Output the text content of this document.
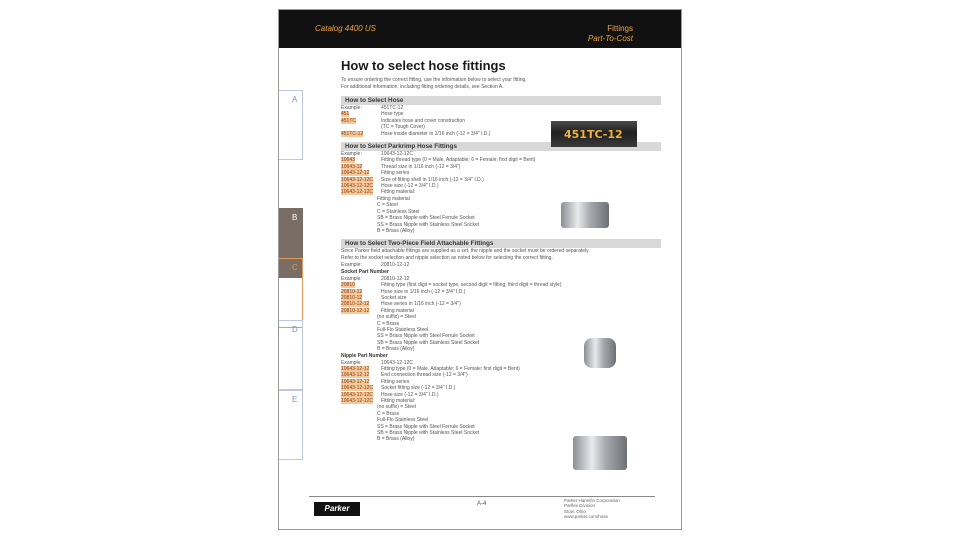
Catalog 4400 US	Fittings
Part-To-Cost
A
B
C
D
E
How to select hose fittings
To ensure ordering the correct fitting, use the information below to select your fitting.
For additional information, including fitting ordering details, see Section A.
How to Select Hose
Example:	451TC-12
451	Hose type
451TC	Indicates hose and cover construction
(TC = Tough Cover)
451TC-12	Hose inside diameter in 1/16 inch (-12 = 3/4" I.D.)
How to Select Parkrimp Hose Fittings
Example:	10643-12-12C
10643	Fitting thread type (0 = Male, Adaptable; 6 = Female; first digit = Bent)
10643-12	Thread size in 1/16 inch (-12 = 3/4")
10643-12-12 Fitting series
10643-12-12C Size of fitting shell in 1/16 inch (-12 = 3/4" I.D.)
10643-12-12C Hose size (-12 = 3/4" I.D.)
10643-12-12C Fitting material:
Fitting material
C = Steel
C = Stainless Steel
SB = Brass Nipple with Steel Ferrule Socket
SS = Brass Nipple with Stainless Steel Socket
B = Brass (Alloy)
How to Select Two-Piece Field Attachable Fittings
Since Parker field attachable fittings are supplied as a set, the nipple and the socket must be ordered separately.
Refer to the socket selection and nipple selection as noted below for selecting the correct fitting.
Example:	20810-12-12
Socket Part Number
Example:	20810-12-12
20810	Fitting type (first digit = socket type, second digit = fitting, third digit = thread style)
20810-12	Hose size in 1/16 inch (-12 = 3/4" I.D.)
20810-12	Socket size
20810-12-12 Hose series in 1/16 inch (-12 = 3/4")
20810-12-12 Fitting material
(no suffix) = Steel
C = Brass
Full-Flo Stainless Steel
SS = Brass Nipple with Steel Ferrule Socket
SB = Brass Nipple with Stainless Steel Socket
B = Brass (Alloy)
Nipple Part Number
Example:	10643-12-12C
10643-12-12 Fitting type (0 = Male, Adaptable; 6 = Female; first digit = Bent)
10643-12-12 End connection thread size (-12 = 3/4")
10643-12-12 Fitting series
10643-12-12C Socket fitting size (-12 = 3/4" I.D.)
10643-12-12C Hose size (-12 = 3/4" I.D.)
10643-12-12C Fitting material:
(no suffix) = Steel
C = Brass
Full-Flo Stainless Steel
SS = Brass Nipple with Steel Ferrule Socket
SB = Brass Nipple with Stainless Steel Socket
B = Brass (Alloy)
451TC-12
Parker	A-4
Parker Hannifin Corporation
Parflex Division
Stow, Ohio
www.parker.com/hose
